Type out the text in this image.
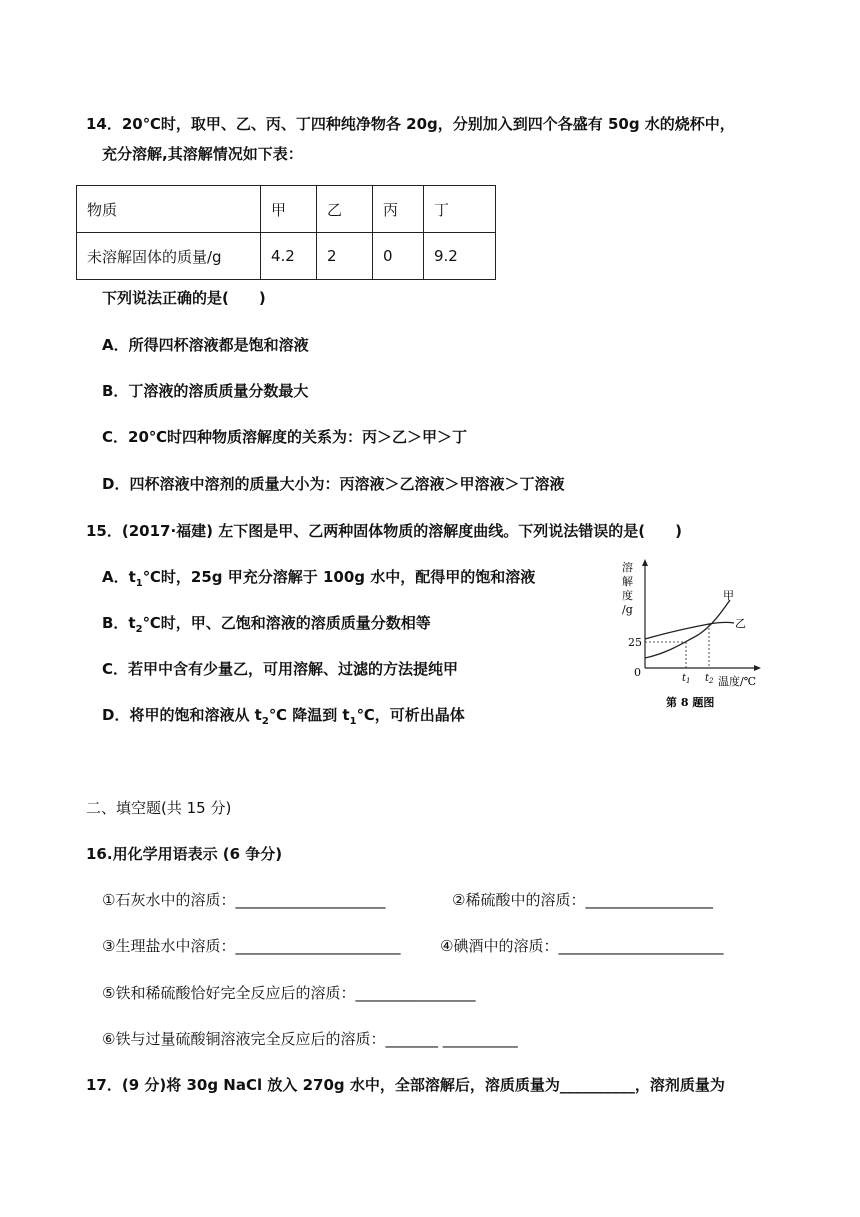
14．20℃时，取甲、乙、丙、丁四种纯净物各 20g，分别加入到四个各盛有 50g 水的烧杯中，
充分溶解,其溶解情况如下表：
物质	甲	乙	丙	丁
未溶解固体的质量/g	4.2	2	0	9.2
下列说法正确的是(　　)
A．所得四杯溶液都是饱和溶液
B．丁溶液的溶质质量分数最大
C．20℃时四种物质溶解度的关系为：丙＞乙＞甲＞丁
D．四杯溶液中溶剂的质量大小为：丙溶液＞乙溶液＞甲溶液＞丁溶液
15．(2017·福建) 左下图是甲、乙两种固体物质的溶解度曲线。下列说法错误的是(　　)
A．$t_1℃$时，25g 甲充分溶解于 100g 水中，配得甲的饱和溶液
B．$t_2℃$时，甲、乙饱和溶液的溶质质量分数相等
C．若甲中含有少量乙，可用溶解、过滤的方法提纯甲
D．将甲的饱和溶液从 $t_2℃$ 降温到 $t_1℃$，可析出晶体
溶
解
度
/g
25
0
甲
乙
$t_1$ $t_2$ 温度/℃
第 8 题图
二、填空题(共 15 分)
16.用化学用语表示 (6 争分)
①石灰水中的溶质：____________________	②稀硫酸中的溶质：_________________
③生理盐水中溶质：______________________	④碘酒中的溶质：______________________
⑤铁和稀硫酸恰好完全反应后的溶质：________________
⑥铁与过量硫酸铜溶液完全反应后的溶质：_______ __________
17．(9 分)将 30g NaCl 放入 270g 水中，全部溶解后，溶质质量为__________，溶剂质量为
